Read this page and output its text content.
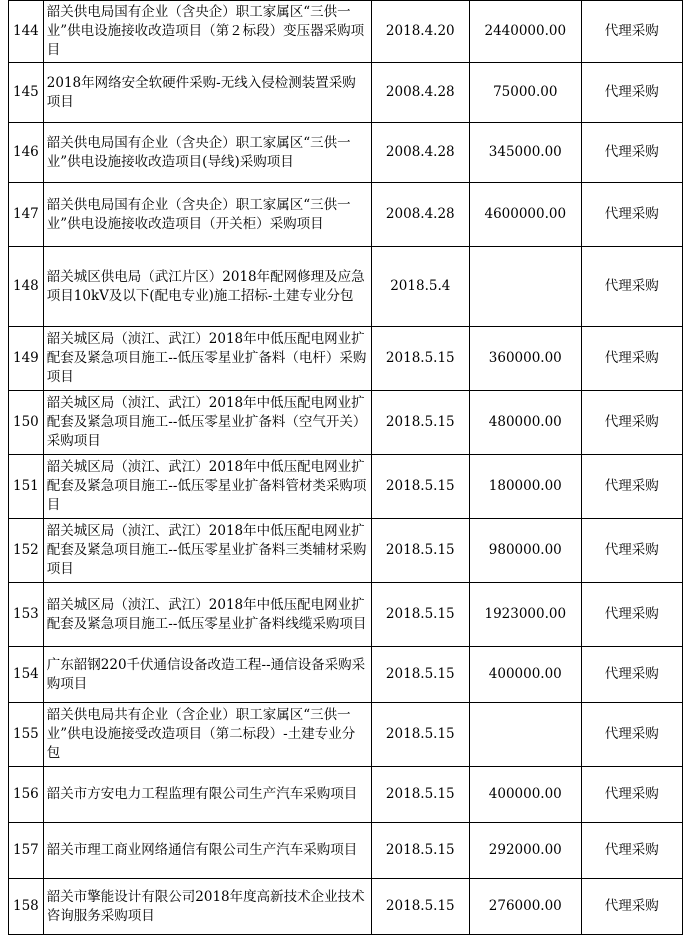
144	韶关供电局国有企业（含央企）职工家属区“三供一业”供电设施接收改造项目（第２标段）变压器采购项目	2018.4.20	2440000.00	代理采购
145	2018年网络安全软硬件采购-无线入侵检测装置采购项目	2008.4.28	75000.00	代理采购
146	韶关供电局国有企业（含央企）职工家属区“三供一业”供电设施接收改造项目(导线)采购项目	2008.4.28	345000.00	代理采购
147	韶关供电局国有企业（含央企）职工家属区“三供一业”供电设施接收改造项目（开关柜）采购项目	2008.4.28	4600000.00	代理采购
148	韶关城区供电局（武江片区）2018年配网修理及应急项目10kV及以下(配电专业)施工招标-土建专业分包	2018.5.4		代理采购
149	韶关城区局（浈江、武江）2018年中低压配电网业扩配套及紧急项目施工--低压零星业扩备料（电杆）采购项目	2018.5.15	360000.00	代理采购
150	韶关城区局（浈江、武江）2018年中低压配电网业扩配套及紧急项目施工--低压零星业扩备料（空气开关）采购项目	2018.5.15	480000.00	代理采购
151	韶关城区局（浈江、武江）2018年中低压配电网业扩配套及紧急项目施工--低压零星业扩备料管材类采购项目	2018.5.15	180000.00	代理采购
152	韶关城区局（浈江、武江）2018年中低压配电网业扩配套及紧急项目施工--低压零星业扩备料三类辅材采购项目	2018.5.15	980000.00	代理采购
153	韶关城区局（浈江、武江）2018年中低压配电网业扩配套及紧急项目施工--低压零星业扩备料线缆采购项目	2018.5.15	1923000.00	代理采购
154	广东韶钢220千伏通信设备改造工程--通信设备采购采购项目	2018.5.15	400000.00	代理采购
155	韶关供电局共有企业（含企业）职工家属区“三供一业”供电设施接受改造项目（第二标段）-土建专业分包	2018.5.15		代理采购
156	韶关市方安电力工程监理有限公司生产汽车采购项目	2018.5.15	400000.00	代理采购
157	韶关市理工商业网络通信有限公司生产汽车采购项目	2018.5.15	292000.00	代理采购
158	韶关市擎能设计有限公司2018年度高新技术企业技术咨询服务采购项目	2018.5.15	276000.00	代理采购
